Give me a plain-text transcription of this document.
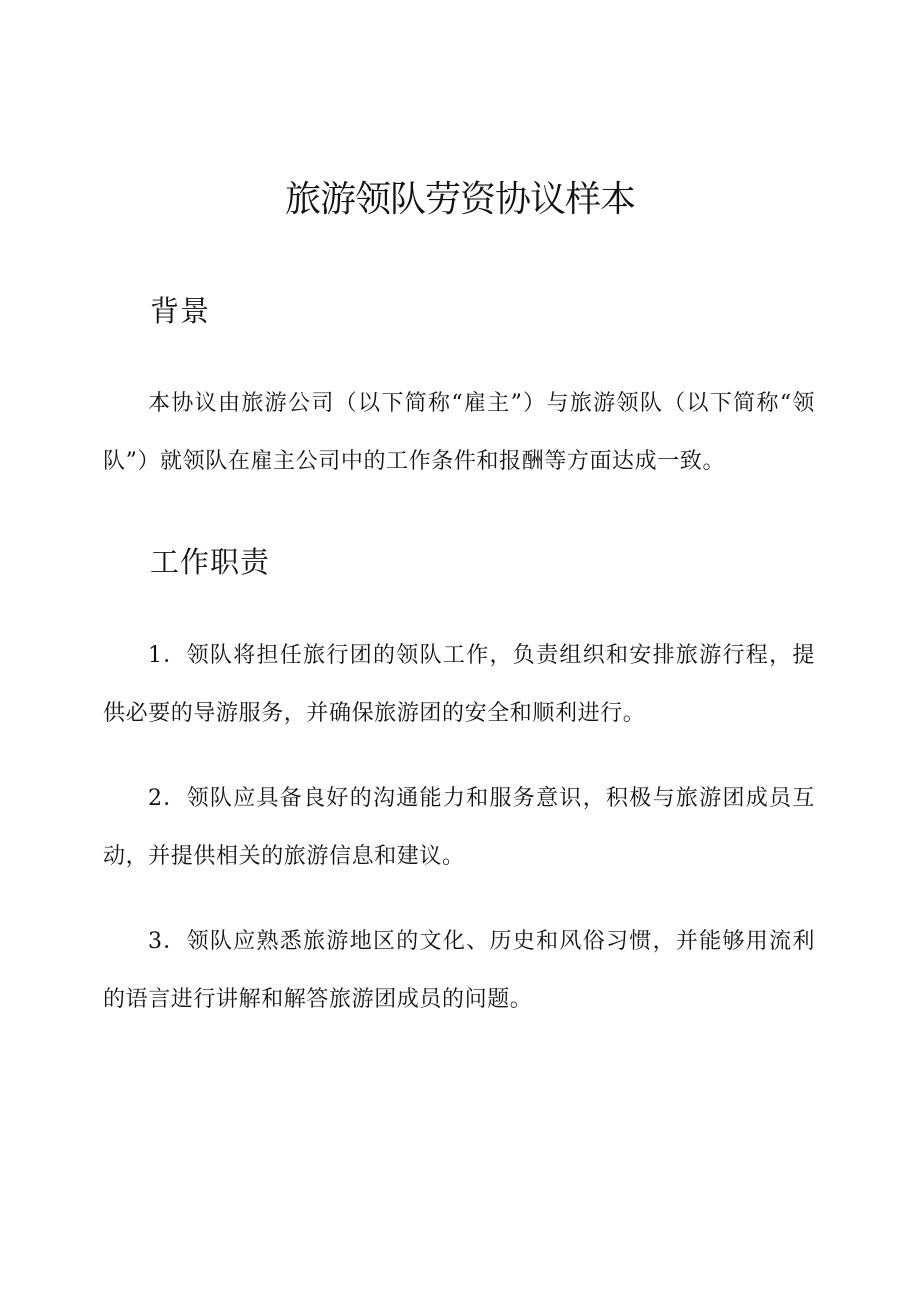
旅游领队劳资协议样本
背景

本协议由旅游公司（以下简称“雇主”）与旅游领队（以下简称“领队”）就领队在雇主公司中的工作条件和报酬等方面达成一致。

工作职责

1．领队将担任旅行团的领队工作，负责组织和安排旅游行程，提供必要的导游服务，并确保旅游团的安全和顺利进行。

2．领队应具备良好的沟通能力和服务意识，积极与旅游团成员互动，并提供相关的旅游信息和建议。

3．领队应熟悉旅游地区的文化、历史和风俗习惯，并能够用流利的语言进行讲解和解答旅游团成员的问题。
